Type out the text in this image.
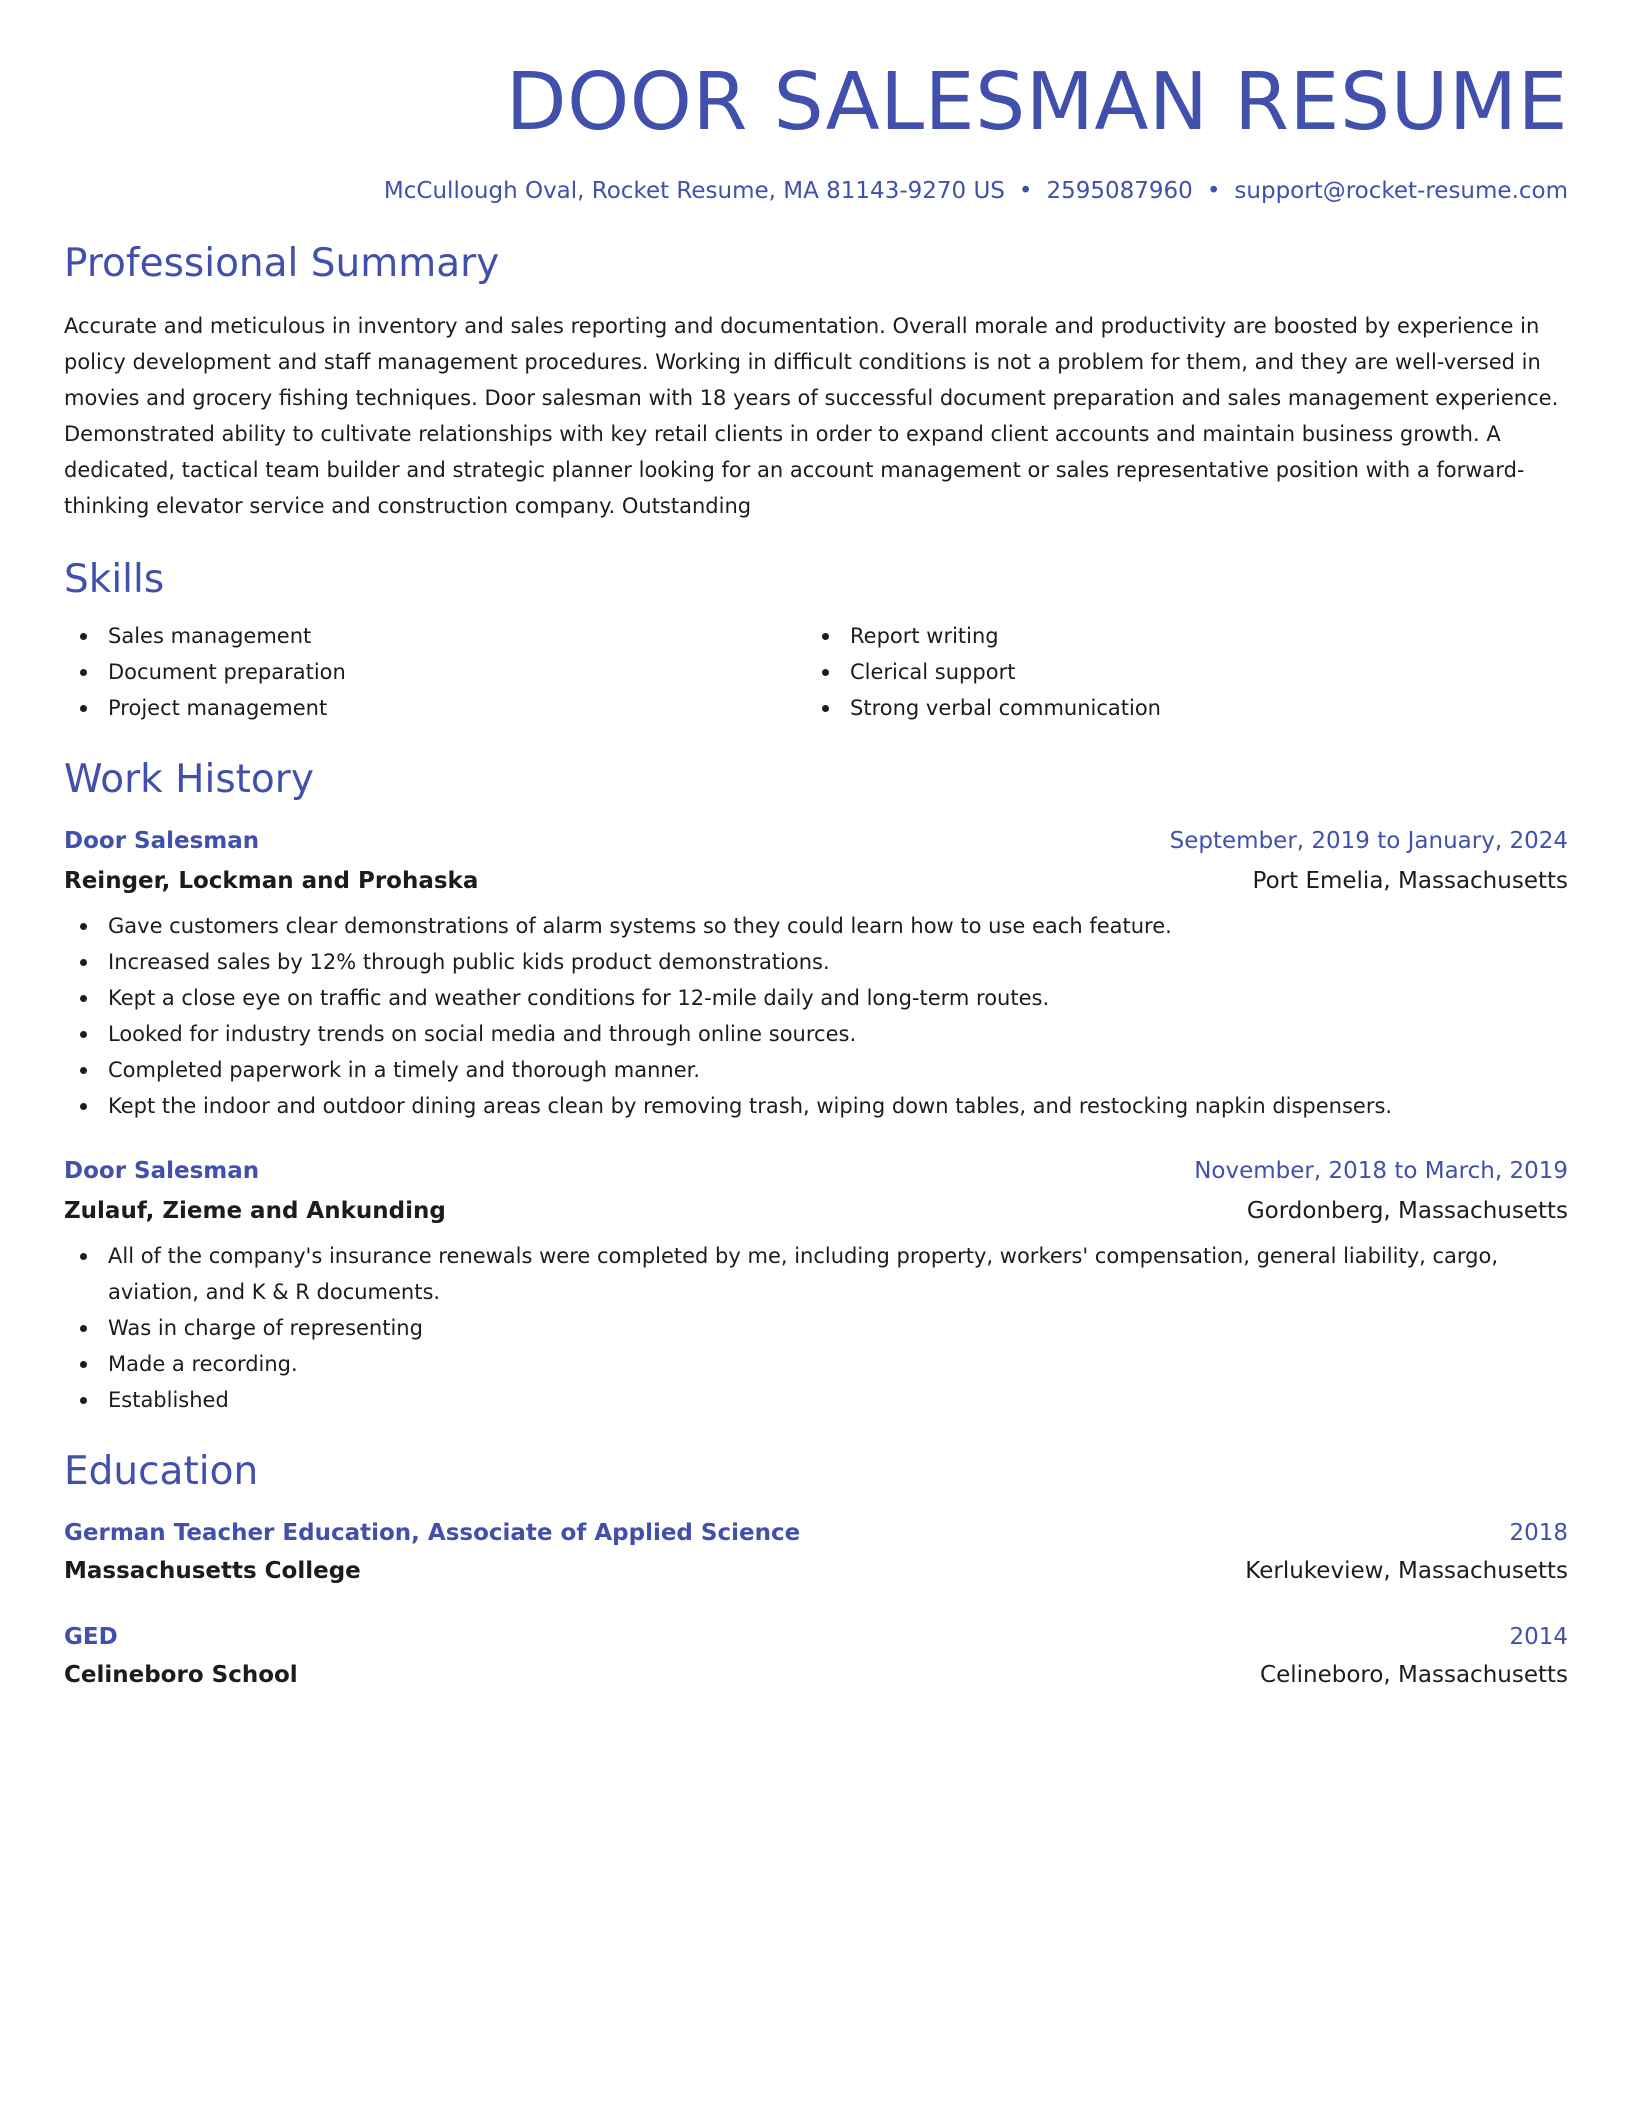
DOOR SALESMAN RESUME
McCullough Oval, Rocket Resume, MA 81143-9270 US • 2595087960 • support@rocket-resume.com
Professional Summary

Accurate and meticulous in inventory and sales reporting and documentation. Overall morale and productivity are boosted by experience in policy development and staff management procedures. Working in difficult conditions is not a problem for them, and they are well-versed in movies and grocery fishing techniques. Door salesman with 18 years of successful document preparation and sales management experience. Demonstrated ability to cultivate relationships with key retail clients in order to expand client accounts and maintain business growth. A dedicated, tactical team builder and strategic planner looking for an account management or sales representative position with a forward-thinking elevator service and construction company. Outstanding

Skills
Sales management
Document preparation
Project management
Report writing
Clerical support
Strong verbal communication
Work History
Door Salesman	September, 2019 to January, 2024
Reinger, Lockman and Prohaska	Port Emelia, Massachusetts
Gave customers clear demonstrations of alarm systems so they could learn how to use each feature.
Increased sales by 12% through public kids product demonstrations.
Kept a close eye on traffic and weather conditions for 12-mile daily and long-term routes.
Looked for industry trends on social media and through online sources.
Completed paperwork in a timely and thorough manner.
Kept the indoor and outdoor dining areas clean by removing trash, wiping down tables, and restocking napkin dispensers.
Door Salesman	November, 2018 to March, 2019
Zulauf, Zieme and Ankunding	Gordonberg, Massachusetts
All of the company's insurance renewals were completed by me, including property, workers' compensation, general liability, cargo, aviation, and K & R documents.
Was in charge of representing
Made a recording.
Established
Education
German Teacher Education, Associate of Applied Science	2018
Massachusetts College	Kerlukeview, Massachusetts
GED	2014
Celineboro School	Celineboro, Massachusetts
